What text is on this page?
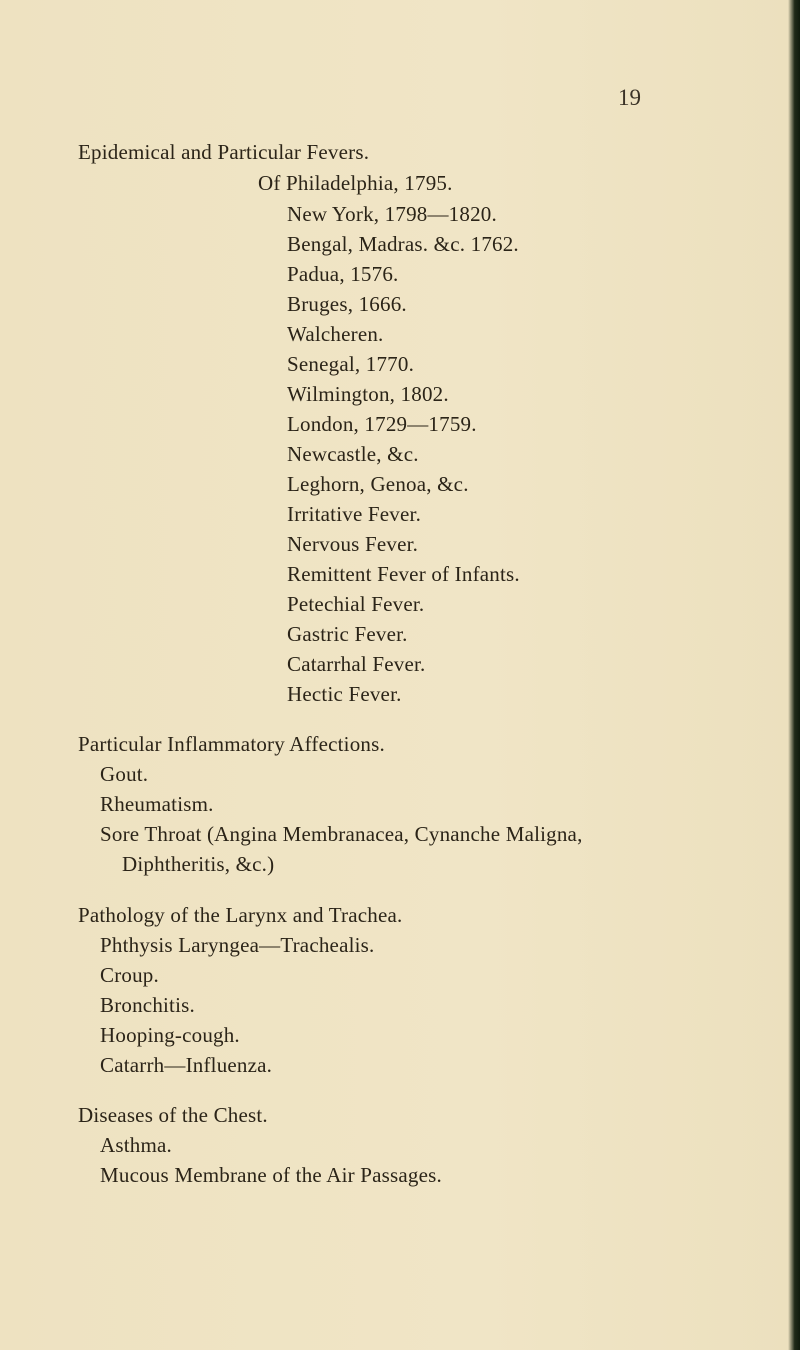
19
Epidemical and Particular Fevers.
Of Philadelphia, 1795.
New York, 1798—1820.
Bengal, Madras. &c. 1762.
Padua, 1576.
Bruges, 1666.
Walcheren.
Senegal, 1770.
Wilmington, 1802.
London, 1729—1759.
Newcastle, &c.
Leghorn, Genoa, &c.
Irritative Fever.
Nervous Fever.
Remittent Fever of Infants.
Petechial Fever.
Gastric Fever.
Catarrhal Fever.
Hectic Fever.
Particular Inflammatory Affections.
Gout.
Rheumatism.
Sore Throat (Angina Membranacea, Cynanche Maligna,
Diphtheritis, &c.)
Pathology of the Larynx and Trachea.
Phthysis Laryngea—Trachealis.
Croup.
Bronchitis.
Hooping-cough.
Catarrh—Influenza.
Diseases of the Chest.
Asthma.
Mucous Membrane of the Air Passages.
